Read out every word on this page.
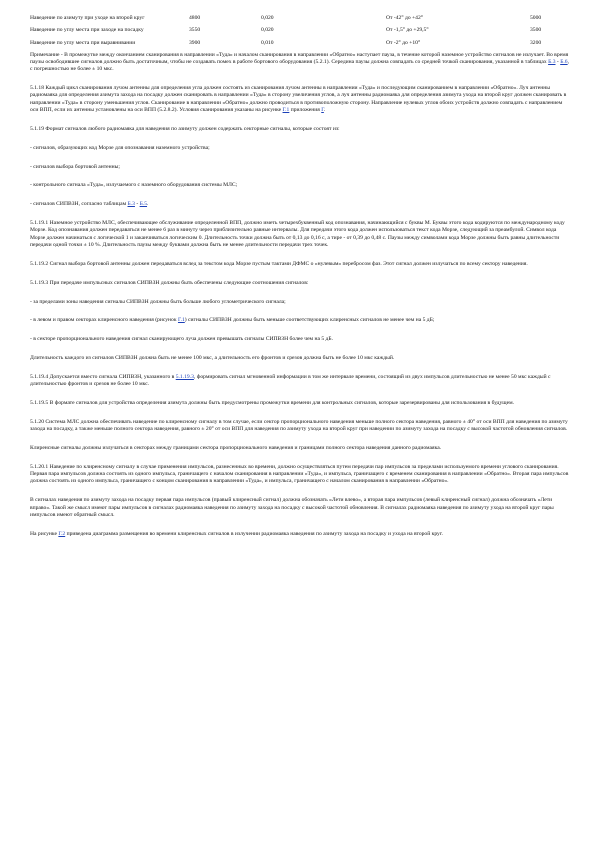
Наведение по азимуту при уходе на второй круг	4800	0,020	От -42° до +42°	5000
Наведение по углу места при заходе на посадку	3550	0,020	От -1,5° до +29,5°	3500
Наведение по углу места при выравнивании	3900	0,010	От -2° до +10°	3200

Примечание - В промежутке между окончанием сканирования в направлении «Туда» и началом сканирования в направлении «Обратно» наступает пауза, в течение которой наземное устройство сигналов не излучает. Во время паузы освободившее сигналов должно быть достаточным, чтобы не создавать помех в работе бортового оборудования (5.2.1). Середина паузы должна совпадать со средней точкой сканирования, указанной в таблицах Б.3 - Б.6, с погрешностью не более ± 10 мкс.

5.1.18 Каждый цикл сканирования лучом антенны для определения угла должен состоять из сканирования лучом антенны в направлении «Туда» и последующим сканированием в направлении «Обратно». Луч антенны радиомаяка для определения азимута захода на посадку должен сканировать в направлении «Туда» в сторону увеличения углов, а луч антенны радиомаяка для определения азимута ухода на второй круг должен сканировать в направлении «Туда» в сторону уменьшения углов. Сканирование в направлении «Обратно» должно проводиться в противоположную сторону. Направление нулевых углов обоих устройств должно совпадать с направлением оси ВПП, если их антенны установлены на оси ВПП (5.2.8.2). Условия сканирования указаны на рисунке Г.1 приложения Г.

5.1.19 Формат сигналов любого радиомаяка для наведения по азимуту должен содержать секторные сигналы, которые состоят из:

- сигналов, образующих код Морзе для опознавания наземного устройства;

- сигналов выбора бортовой антенны;

- контрольного сигнала «Туда», излучаемого с наземного оборудования системы МЛС;

- сигналов СИПВЗН, согласно таблицам Б.3 - Б.5.

5.1.19.1 Наземное устройство МЛС, обеспечивающее обслуживание определенной ВПП, должно иметь четырехбуквенный код опознавания, начинающийся с буквы М. Буквы этого кода кодируются по международному коду Морзе. Код опознавания должен передаваться не менее 6 раз в минуту через приблизительно равные интервалы. Для передачи этого кода должен использоваться текст кода Морзе, следующий за преамбулой. Символ кода Морзе должен начинаться с логической 1 и заканчиваться логическим 0. Длительность точки должна быть от 0,13 до 0,16 с, а тире - от 0,39 до 0,48 с. Паузы между символами кода Морзе должны быть равны длительности передачи одной точки ± 10 %. Длительность паузы между буквами должна быть не менее длительности передачи трех точек.

5.1.19.2 Сигнал выбора бортовой антенны должен передаваться вслед за текстом кода Морзе пустым тактами ДФМС о «нулевым» перебросом фаз. Этот сигнал должен излучаться по всему сектору наведения.

5.1.19.3 При передаче импульсных сигналов СИПВЗН должны быть обеспечены следующие соотношения сигналов:

- за пределами зоны наведения сигналы СИПВЗН должны быть больше любого углометрического сигнала;

- в левом и правом секторах клиренсного наведения (рисунок Г.1) сигналы СИПВЗН должны быть меньше соответствующих клиренсных сигналов не менее чем на 5 дБ;

- в секторе пропорционального наведения сигнал сканирующего луча должен превышать сигналы СИПВЗН более чем на 5 дБ.

Длительность каждого из сигналов СИПВЗН должна быть не менее 100 мкс, а длительность его фронтов и срезов должна быть не более 10 мкс каждый.

5.1.19.4 Допускается вместо сигнала СИПВЗН, указанного в 5.1.19.3, формировать сигнал мгновенной информации в том же интервале времени, состоящий из двух импульсов длительностью не менее 50 мкс каждый с длительностью фронтов и срезов не более 10 мкс.

5.1.19.5 В формате сигналов для устройства определения азимута должны быть предусмотрены промежутки времени для контрольных сигналов, которые зарезервированы для использования в будущем.

5.1.20 Система МЛС должна обеспечивать наведение по клиренсному сигналу в том случае, если сектор пропорционального наведения меньше полного сектора наведения, равного ± 40° от оси ВПП для наведения по азимуту захода на посадку, а также меньше полного сектора наведения, равного ± 20° от оси ВПП для наведения по азимуту ухода на второй круг при наведении по азимуту захода на посадку с высокой частотой обновления сигналов.

Клиренсные сигналы должны излучаться в секторах между границами сектора пропорционального наведения и границами полного сектора наведения данного радиомаяка.

5.1.20.1 Наведение по клиренсному сигналу в случае применения импульсов, разнесенных во времени, должно осуществляться путем передачи пар импульсов за пределами используемого времени углового сканирования. Первая пара импульсов должна состоять из одного импульса, граничащего с началом сканирования в направлении «Туда», и импульса, граничащего с временем сканирования в направлении «Обратно». Вторая пара импульсов должна состоять из одного импульса, граничащего с концом сканирования в направлении «Туда», и импульса, граничащего с началом сканирования в направлении «Обратно».

В сигналах наведения по азимуту захода на посадку первая пара импульсов (правый клиренсный сигнал) должна обозначать «Лети влево», а вторая пара импульсов (левый клиренсный сигнал) должна обозначать «Лети вправо». Такой же смысл имеют пары импульсов в сигналах радиомаяка наведения по азимуту захода на посадку с высокой частотой обновления. В сигналах радиомаяка наведения по азимуту ухода на второй круг пары импульсов имеют обратный смысл.

На рисунке Г.2 приведена диаграмма размещения во времени клиренсных сигналов в излучении радиомаяка наведения по азимуту захода на посадку и ухода на второй круг.
